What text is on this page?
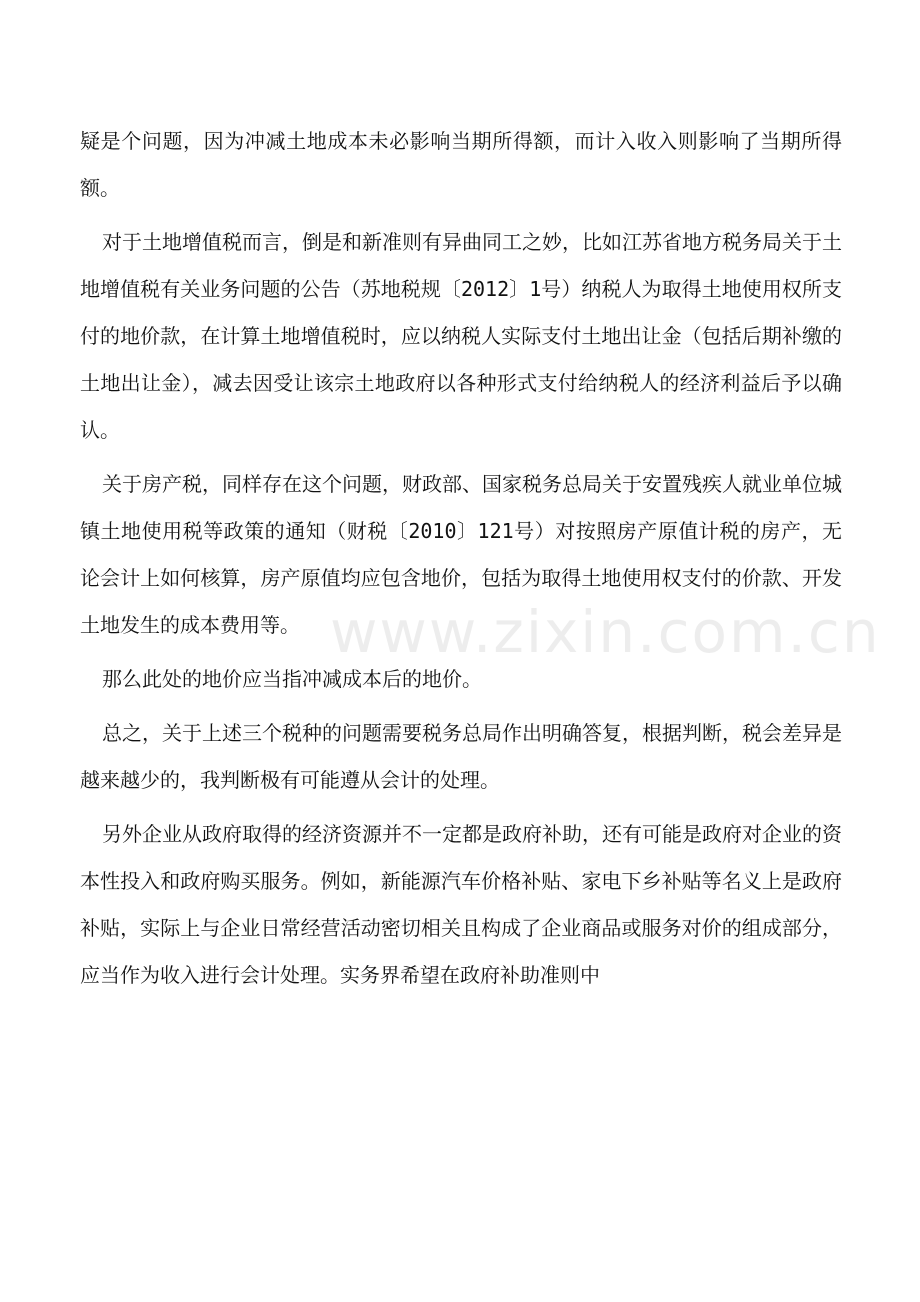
www.zixin.com.cn

疑是个问题，因为冲减土地成本未必影响当期所得额，而计入收入则影响了当期所得额。

对于土地增值税而言，倒是和新准则有异曲同工之妙，比如江苏省地方税务局关于土地增值税有关业务问题的公告（苏地税规〔2012〕1号）纳税人为取得土地使用权所支付的地价款，在计算土地增值税时，应以纳税人实际支付土地出让金（包括后期补缴的土地出让金），减去因受让该宗土地政府以各种形式支付给纳税人的经济利益后予以确认。

关于房产税，同样存在这个问题，财政部、国家税务总局关于安置残疾人就业单位城镇土地使用税等政策的通知（财税〔2010〕121号）对按照房产原值计税的房产，无论会计上如何核算，房产原值均应包含地价，包括为取得土地使用权支付的价款、开发土地发生的成本费用等。

那么此处的地价应当指冲减成本后的地价。

总之，关于上述三个税种的问题需要税务总局作出明确答复，根据判断，税会差异是越来越少的，我判断极有可能遵从会计的处理。

另外企业从政府取得的经济资源并不一定都是政府补助，还有可能是政府对企业的资本性投入和政府购买服务。例如，新能源汽车价格补贴、家电下乡补贴等名义上是政府补贴，实际上与企业日常经营活动密切相关且构成了企业商品或服务对价的组成部分，应当作为收入进行会计处理。实务界希望在政府补助准则中
